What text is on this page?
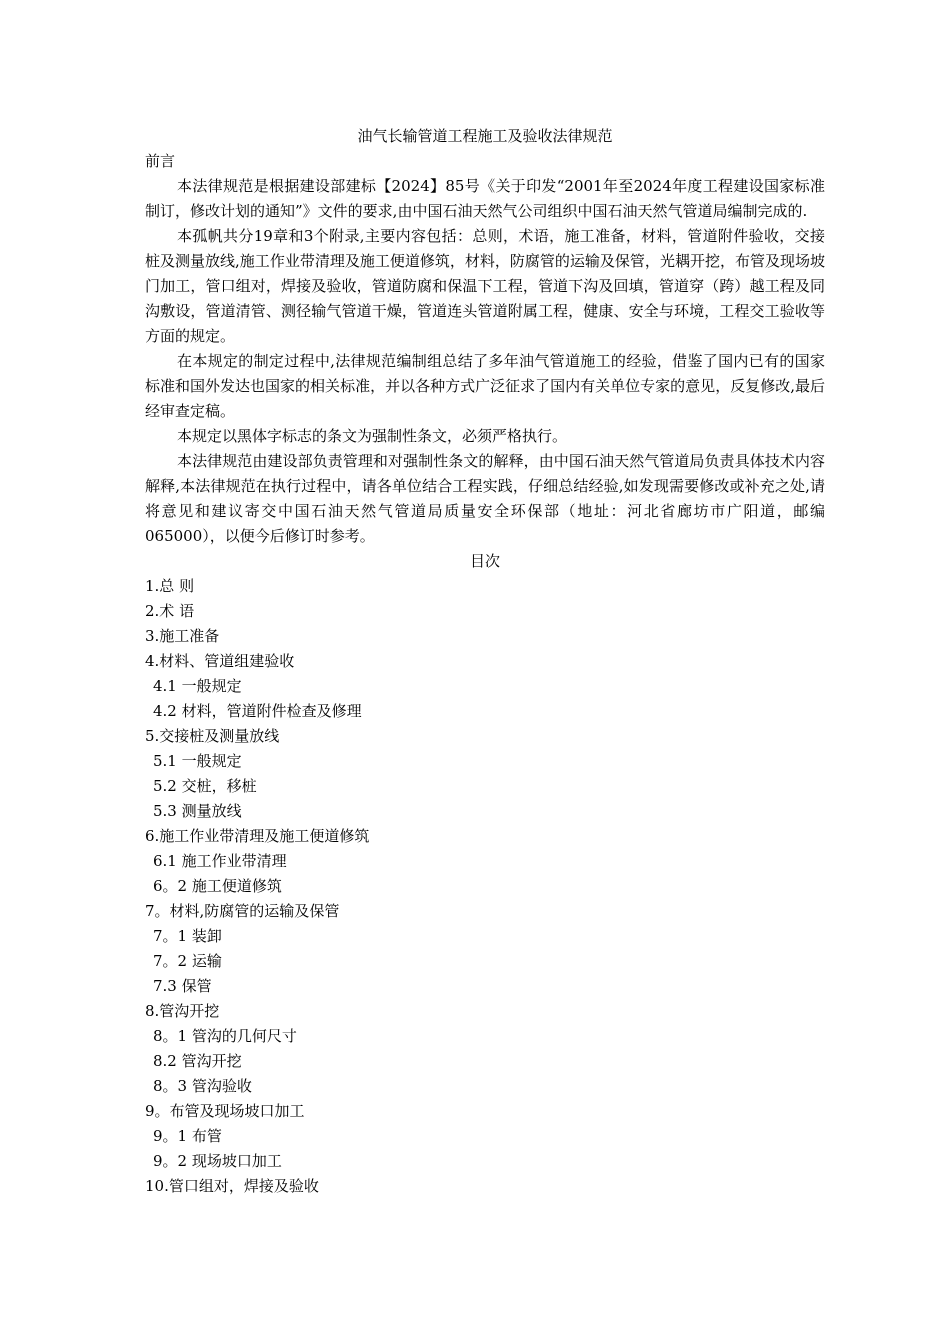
油气长输管道工程施工及验收法律规范

前言

本法律规范是根据建设部建标【2024】85号《关于印发“2001年至2024年度工程建设国家标准制订，修改计划的通知”》文件的要求,由中国石油天然气公司组织中国石油天然气管道局编制完成的.

本孤帆共分19章和3个附录,主要内容包括：总则，术语，施工准备，材料，管道附件验收，交接桩及测量放线,施工作业带清理及施工便道修筑，材料，防腐管的运输及保管，光耦开挖，布管及现场坡门加工，管口组对，焊接及验收，管道防腐和保温下工程，管道下沟及回填，管道穿（跨）越工程及同沟敷设，管道清管、测径输气管道干燥，管道连头管道附属工程，健康、安全与环境，工程交工验收等方面的规定。

在本规定的制定过程中,法律规范编制组总结了多年油气管道施工的经验，借鉴了国内已有的国家标准和国外发达也国家的相关标准，并以各种方式广泛征求了国内有关单位专家的意见，反复修改,最后经审查定稿。

本规定以黑体字标志的条文为强制性条文，必须严格执行。

本法律规范由建设部负责管理和对强制性条文的解释，由中国石油天然气管道局负责具体技术内容解释,本法律规范在执行过程中，请各单位结合工程实践，仔细总结经验,如发现需要修改或补充之处,请将意见和建议寄交中国石油天然气管道局质量安全环保部（地址：河北省廊坊市广阳道，邮编065000），以便今后修订时参考。

目次

1.总 则
2.术 语
3.施工准备
4.材料、管道组建验收
4.1 一般规定
4.2 材料，管道附件检查及修理
5.交接桩及测量放线
5.1 一般规定
5.2 交桩，移桩
5.3 测量放线
6.施工作业带清理及施工便道修筑
6.1 施工作业带清理
6。2 施工便道修筑
7。材料,防腐管的运输及保管
7。1 装卸
7。2 运输
7.3 保管
8.管沟开挖
8。1 管沟的几何尺寸
8.2 管沟开挖
8。3 管沟验收
9。布管及现场坡口加工
9。1 布管
9。2 现场坡口加工
10.管口组对，焊接及验收
